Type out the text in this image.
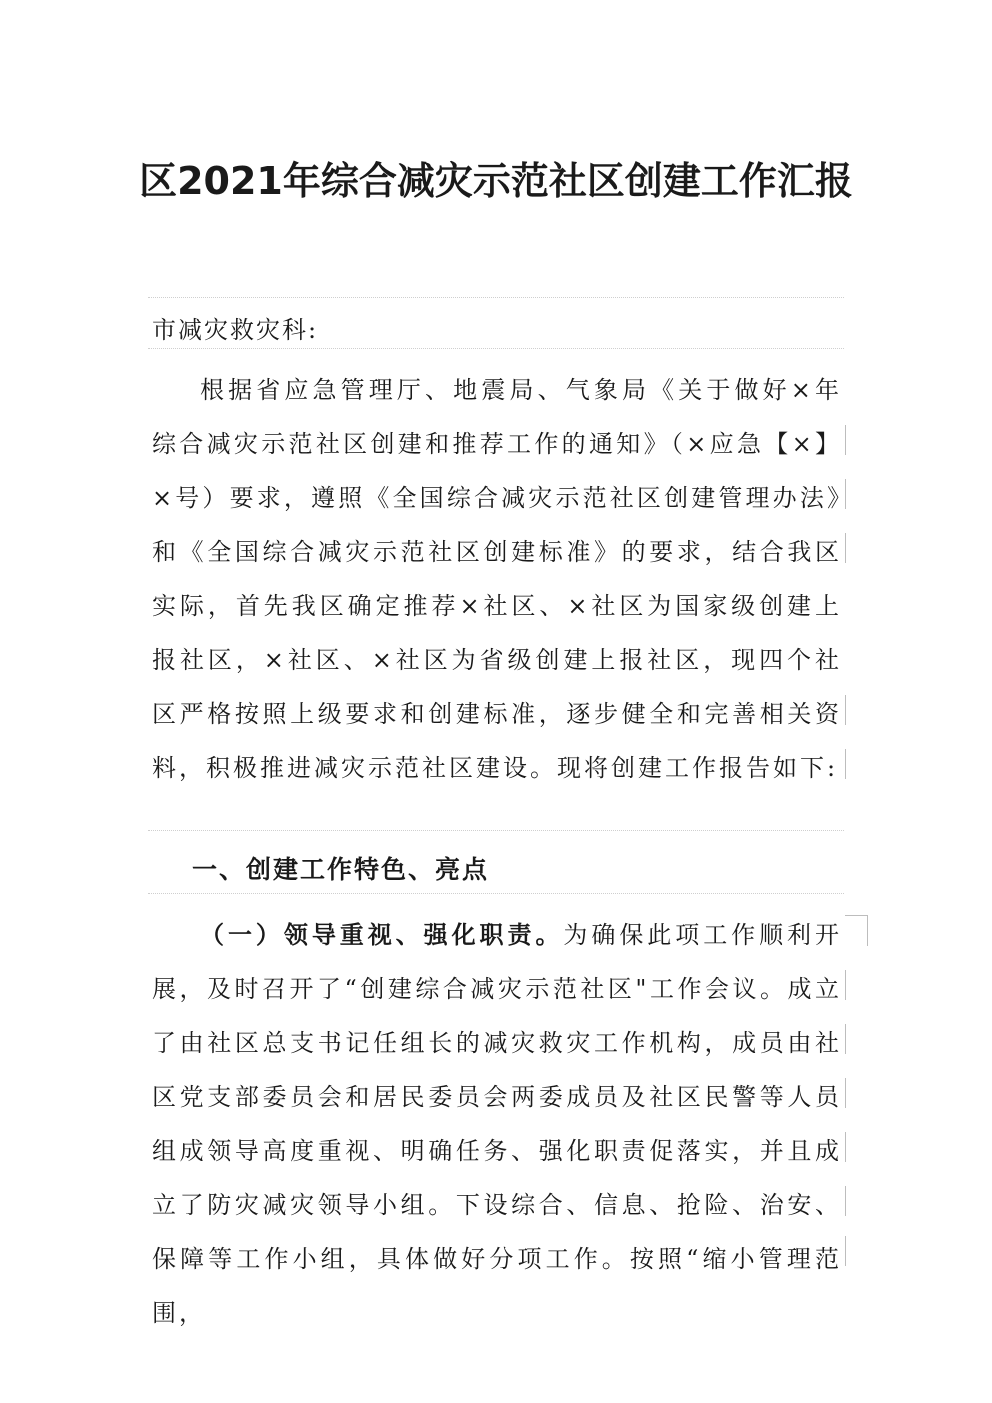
区2021年综合减灾示范社区创建工作汇报
市减灾救灾科:

根据省应急管理厅、地震局、气象局《关于做好×年综合减灾示范社区创建和推荐工作的通知》（×应急【×】×号）要求，遵照《全国综合减灾示范社区创建管理办法》和《全国综合减灾示范社区创建标准》的要求，结合我区实际，首先我区确定推荐×社区、×社区为国家级创建上报社区，×社区、×社区为省级创建上报社区，现四个社区严格按照上级要求和创建标准，逐步健全和完善相关资料，积极推进减灾示范社区建设。现将创建工作报告如下:

一、创建工作特色、亮点

（一）领导重视、强化职责。为确保此项工作顺利开展，及时召开了“创建综合减灾示范社区"工作会议。成立了由社区总支书记任组长的减灾救灾工作机构，成员由社区党支部委员会和居民委员会两委成员及社区民警等人员组成领导高度重视、明确任务、强化职责促落实，并且成立了防灾减灾领导小组。下设综合、信息、抢险、治安、保障等工作小组，具体做好分项工作。按照“缩小管理范围，
